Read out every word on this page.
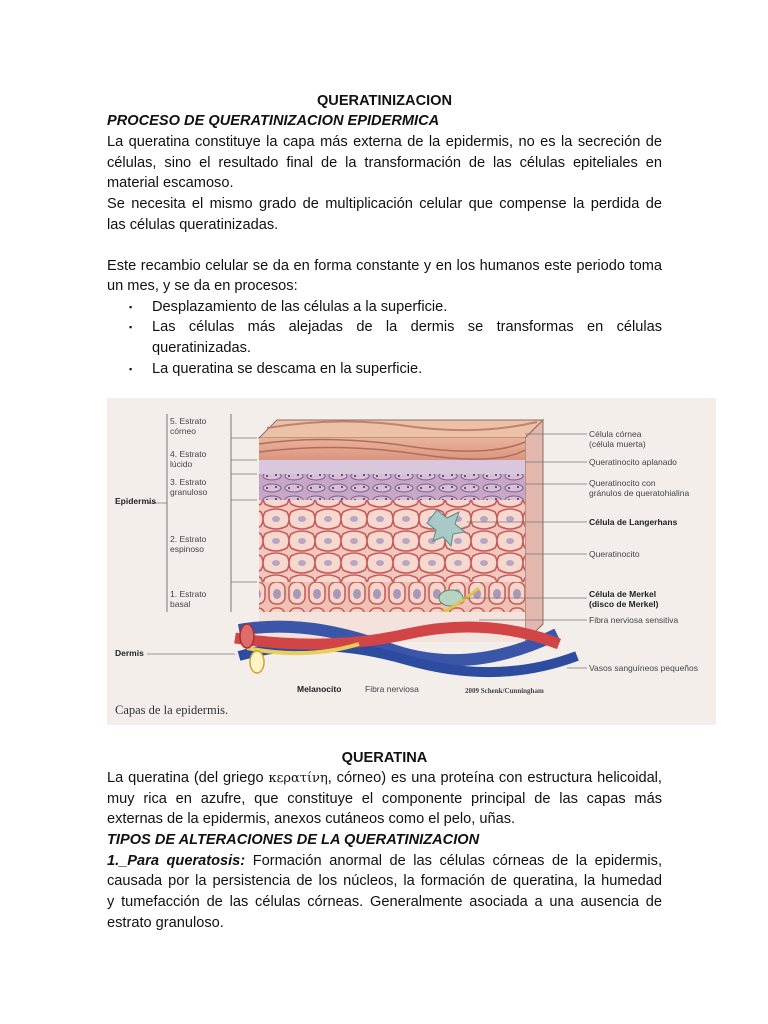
QUERATINIZACION
PROCESO DE QUERATINIZACION EPIDERMICA
La queratina constituye la capa más externa de la epidermis, no es la secreción de
células, sino el resultado final de la transformación de las células epiteliales en
material escamoso.
Se necesita el mismo grado de multiplicación celular que compense la perdida de
las células queratinizadas.
Este recambio celular se da en forma constante y en los humanos este periodo toma
un mes, y se da en procesos:
▪ Desplazamiento de las células a la superficie.
▪ Las células más alejadas de la dermis se transformas en células
queratinizadas.
▪ La queratina se descama en la superficie.
5. Estrato
córneo
4. Estrato
lúcido
3. Estrato
granuloso
2. Estrato
espinoso
1. Estrato
basal
Epidermis
Dermis
Célula córnea
(célula muerta)
Queratinocito aplanado
Queratinocito con
gránulos de queratohialina
Célula de Langerhans
Queratinocito
Célula de Merkel
(disco de Merkel)
Fibra nerviosa sensitiva
Vasos sanguíneos pequeños
Melanocito	Fibra nerviosa	2009 Schenk/Cunningham
Capas de la epidermis.
QUERATINA
La queratina (del griego κερατίνη, córneo) es una proteína con estructura helicoidal,
muy rica en azufre, que constituye el componente principal de las capas más
externas de la epidermis, anexos cutáneos como el pelo, uñas.
TIPOS DE ALTERACIONES DE LA QUERATINIZACION
1._Para queratosis: Formación anormal de las células córneas de la epidermis,
causada por la persistencia de los núcleos, la formación de queratina, la humedad
y tumefacción de las células córneas. Generalmente asociada a una ausencia de
estrato granuloso.
